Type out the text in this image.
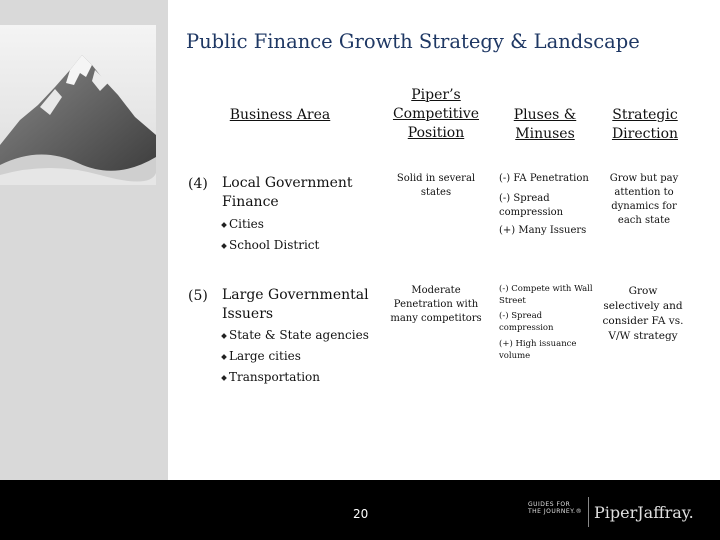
Public Finance Growth Strategy & Landscape
Business Area
Piper’s Competitive Position
Pluses & Minuses
Strategic Direction
(4) Local Government Finance
Cities
School District
Solid in several states
(-) FA Penetration
(-) Spread compression
(+) Many Issuers
Grow but pay attention to dynamics for each state
(5) Large Governmental Issuers
State & State agencies
Large cities
Transportation
Moderate Penetration with many competitors
(-) Compete with Wall Street
(-) Spread compression
(+) High issuance volume
Grow selectively and consider FA vs. V/W strategy
20
GUIDES FOR THE JOURNEY.® PiperJaffray.
